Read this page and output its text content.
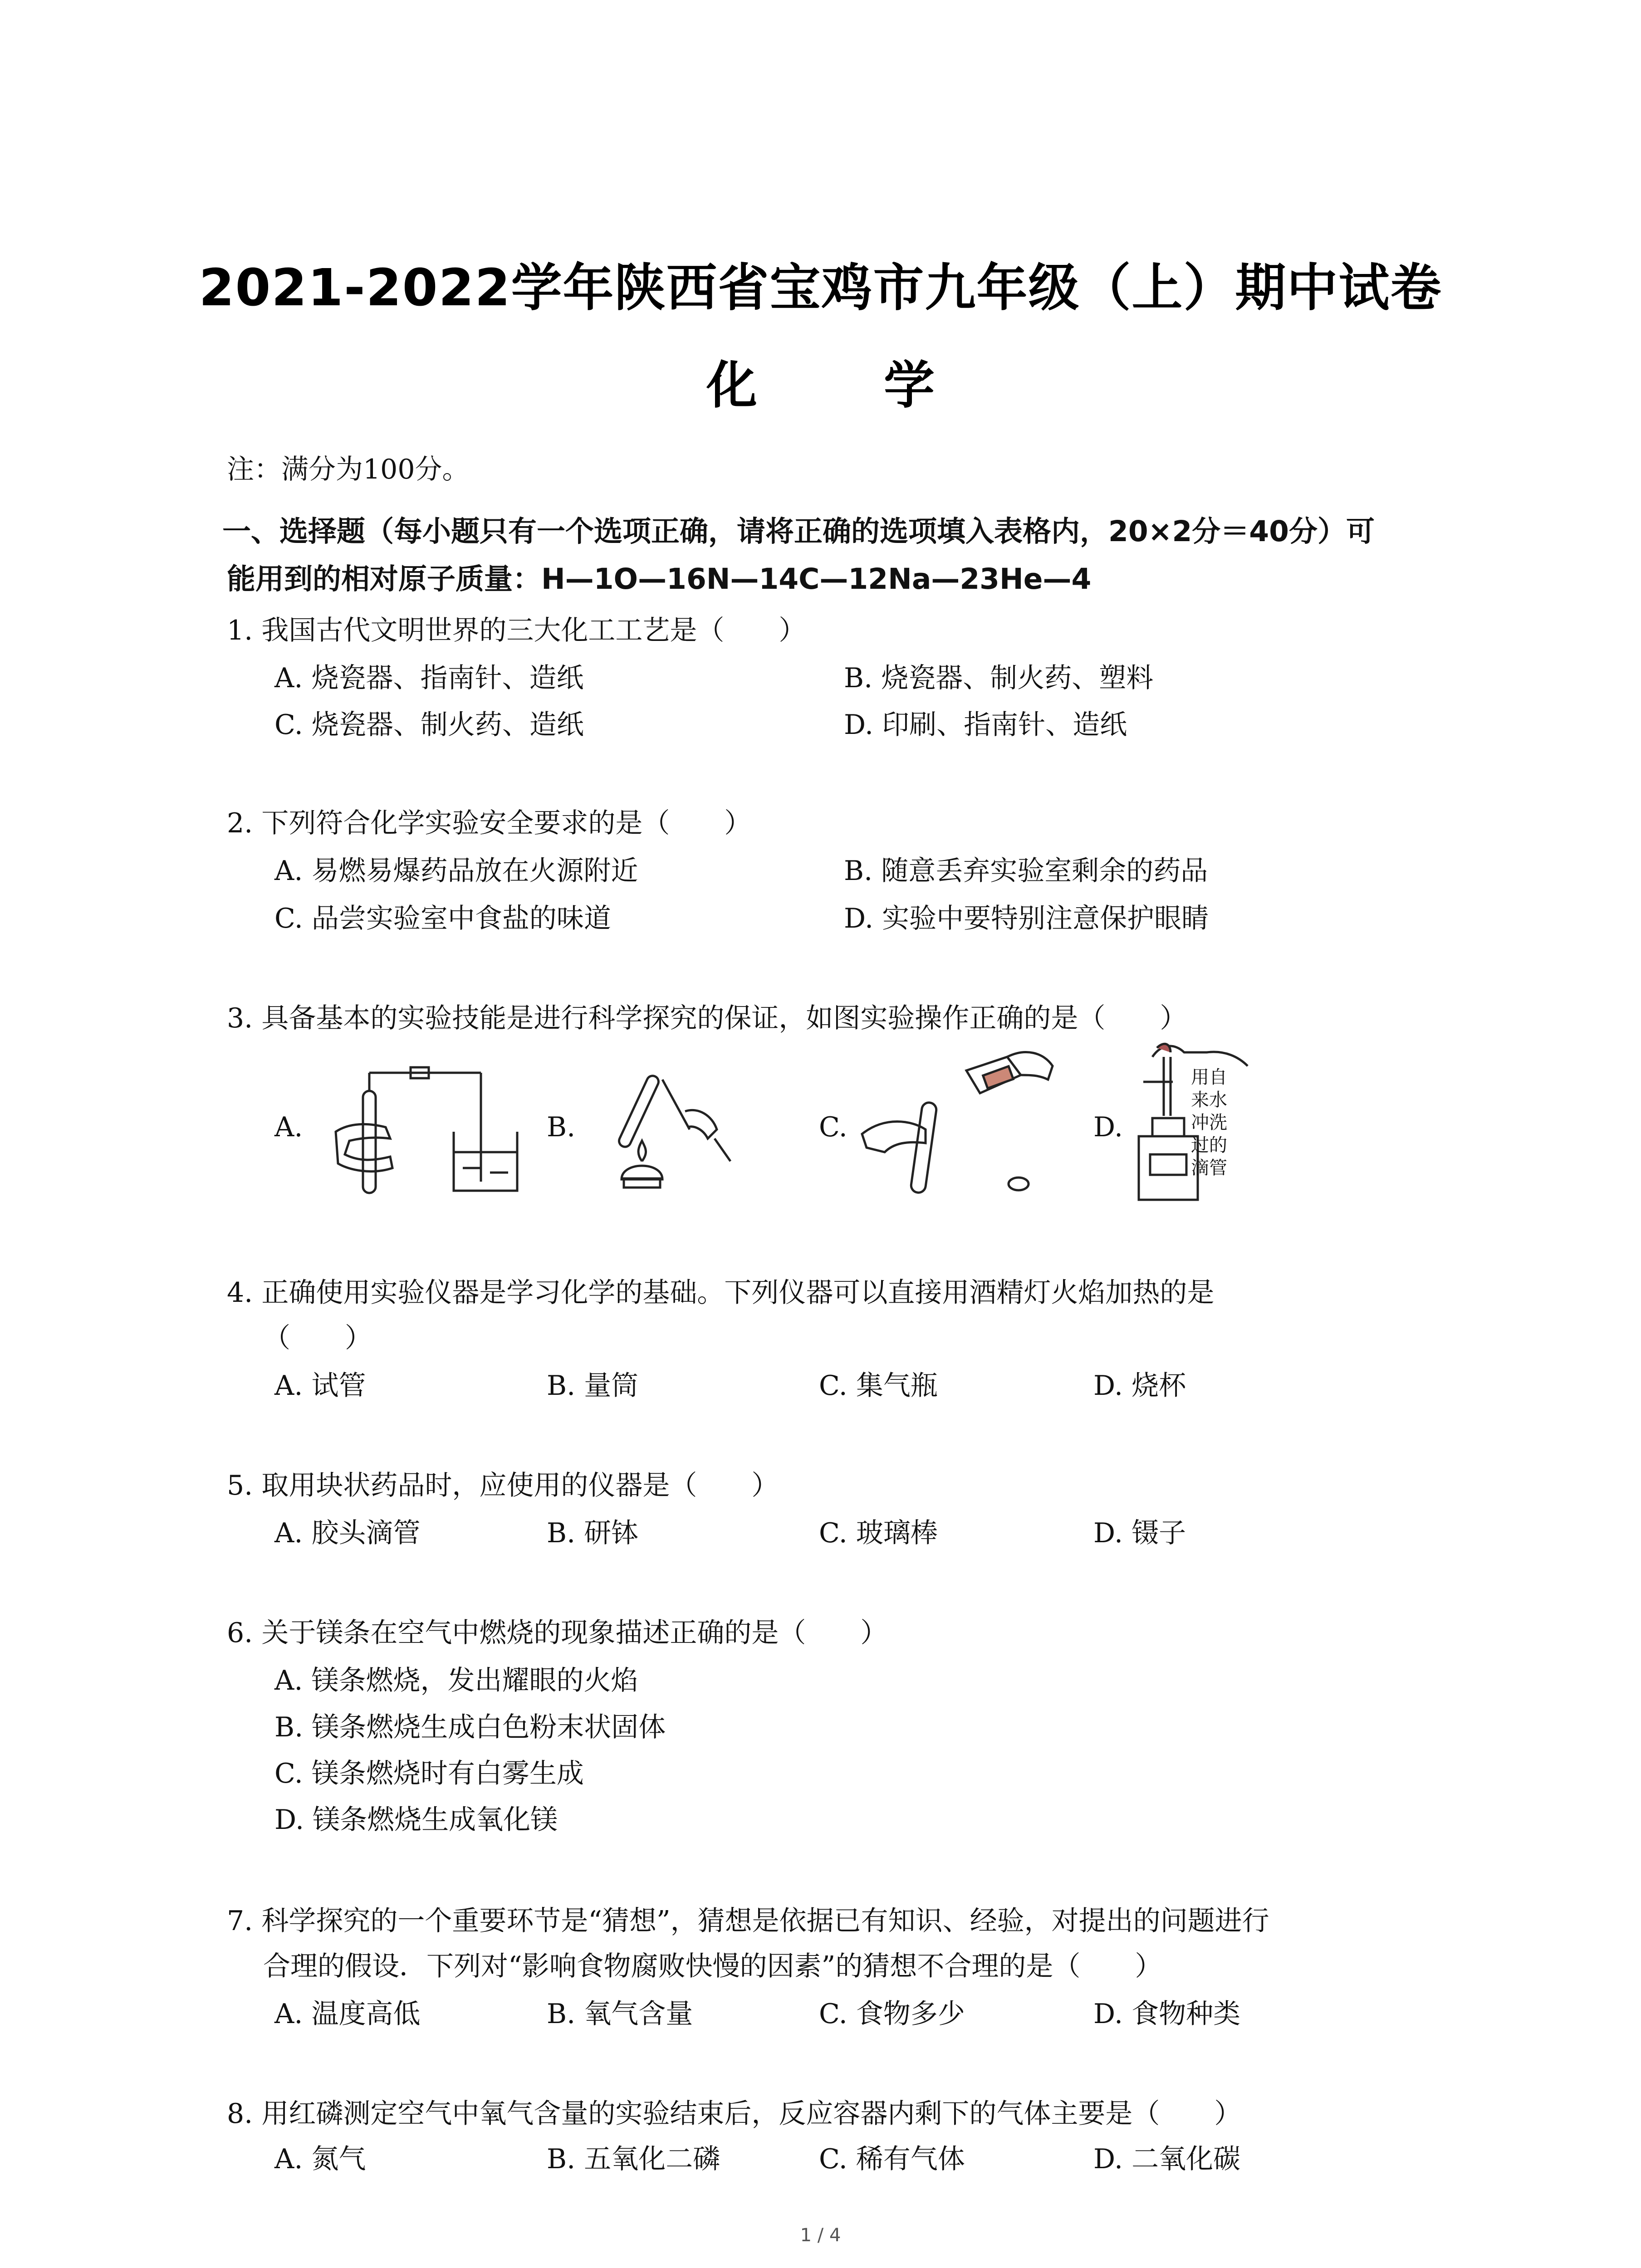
2021-2022学年陕西省宝鸡市九年级（上）期中试卷
化 学
注：满分为100分。
一、选择题（每小题只有一个选项正确，请将正确的选项填入表格内，20×2分＝40分）可
能用到的相对原子质量：H—1O—16N—14C—12Na—23He—4
1. 我国古代文明世界的三大化工工艺是（　　）
A. 烧瓷器、指南针、造纸	B. 烧瓷器、制火药、塑料
C. 烧瓷器、制火药、造纸	D. 印刷、指南针、造纸
2. 下列符合化学实验安全要求的是（　　）
A. 易燃易爆药品放在火源附近	B. 随意丢弃实验室剩余的药品
C. 品尝实验室中食盐的味道	D. 实验中要特别注意保护眼睛
3. 具备基本的实验技能是进行科学探究的保证，如图实验操作正确的是（　　）
A.	B.	C.	D.
用自
来水
冲洗
过的
滴管
4. 正确使用实验仪器是学习化学的基础。下列仪器可以直接用酒精灯火焰加热的是
（　　）
A. 试管	B. 量筒	C. 集气瓶	D. 烧杯
5. 取用块状药品时，应使用的仪器是（　　）
A. 胶头滴管	B. 研钵	C. 玻璃棒	D. 镊子
6. 关于镁条在空气中燃烧的现象描述正确的是（　　）
A. 镁条燃烧，发出耀眼的火焰
B. 镁条燃烧生成白色粉末状固体
C. 镁条燃烧时有白雾生成
D. 镁条燃烧生成氧化镁
7. 科学探究的一个重要环节是“猜想”，猜想是依据已有知识、经验，对提出的问题进行
合理的假设．下列对“影响食物腐败快慢的因素”的猜想不合理的是（　　）
A. 温度高低	B. 氧气含量	C. 食物多少	D. 食物种类
8. 用红磷测定空气中氧气含量的实验结束后，反应容器内剩下的气体主要是（　　）
A. 氮气	B. 五氧化二磷	C. 稀有气体	D. 二氧化碳
1 / 4
